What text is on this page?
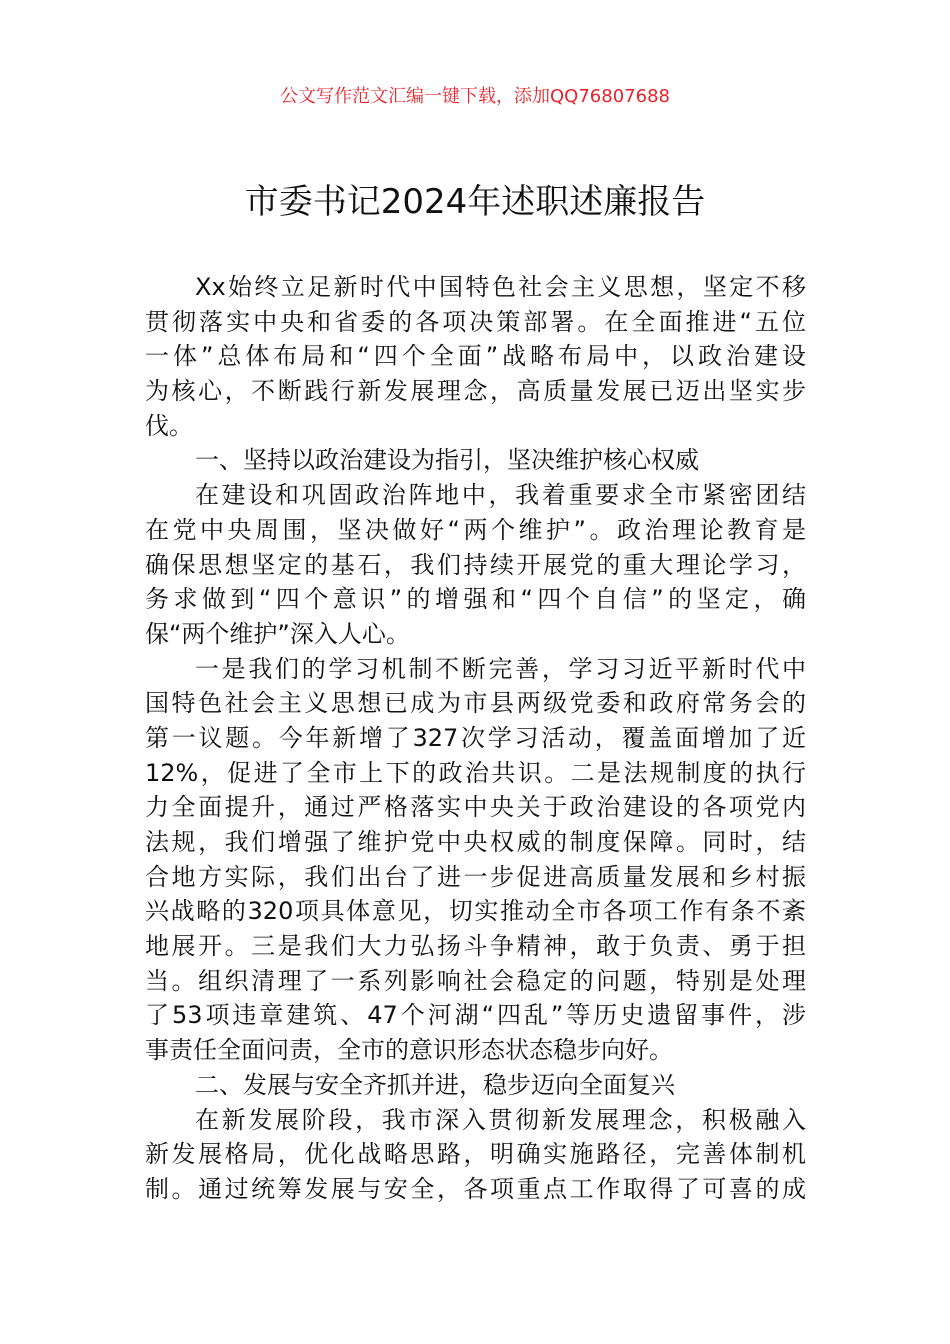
公文写作范文汇编一键下载，添加QQ76807688
市委书记2024年述职述廉报告
Xx始终立足新时代中国特色社会主义思想，坚定不移
贯彻落实中央和省委的各项决策部署。在全面推进“五位
一体”总体布局和“四个全面”战略布局中，以政治建设
为核心，不断践行新发展理念，高质量发展已迈出坚实步
伐。
一、坚持以政治建设为指引，坚决维护核心权威
在建设和巩固政治阵地中，我着重要求全市紧密团结
在党中央周围，坚决做好“两个维护”。政治理论教育是
确保思想坚定的基石，我们持续开展党的重大理论学习，
务求做到“四个意识”的增强和“四个自信”的坚定，确
保“两个维护”深入人心。
一是我们的学习机制不断完善，学习习近平新时代中
国特色社会主义思想已成为市县两级党委和政府常务会的
第一议题。今年新增了327次学习活动，覆盖面增加了近
12%，促进了全市上下的政治共识。二是法规制度的执行
力全面提升，通过严格落实中央关于政治建设的各项党内
法规，我们增强了维护党中央权威的制度保障。同时，结
合地方实际，我们出台了进一步促进高质量发展和乡村振
兴战略的320项具体意见，切实推动全市各项工作有条不紊
地展开。三是我们大力弘扬斗争精神，敢于负责、勇于担
当。组织清理了一系列影响社会稳定的问题，特别是处理
了53项违章建筑、47个河湖“四乱”等历史遗留事件，涉
事责任全面问责，全市的意识形态状态稳步向好。
二、发展与安全齐抓并进，稳步迈向全面复兴
在新发展阶段，我市深入贯彻新发展理念，积极融入
新发展格局，优化战略思路，明确实施路径，完善体制机
制。通过统筹发展与安全，各项重点工作取得了可喜的成
